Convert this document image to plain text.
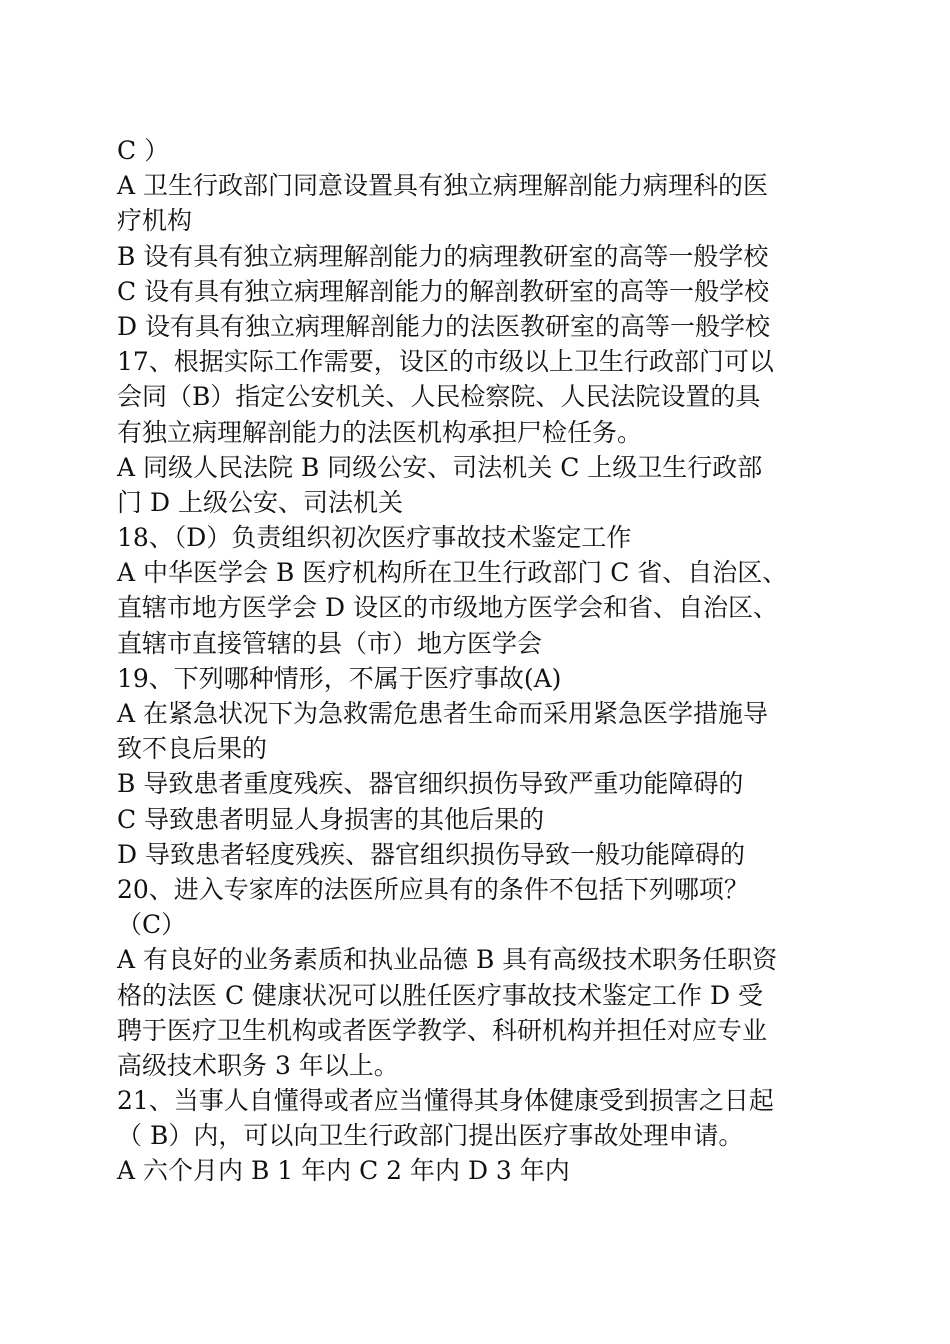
C ）
A 卫生行政部门同意设置具有独立病理解剖能力病理科的医
疗机构
B 设有具有独立病理解剖能力的病理教研室的高等一般学校
C 设有具有独立病理解剖能力的解剖教研室的高等一般学校
D 设有具有独立病理解剖能力的法医教研室的高等一般学校
17、根据实际工作需要，设区的市级以上卫生行政部门可以
会同（B）指定公安机关、人民检察院、人民法院设置的具
有独立病理解剖能力的法医机构承担尸检任务。
A 同级人民法院 B 同级公安、司法机关 C 上级卫生行政部
门 D 上级公安、司法机关
18、（D）负责组织初次医疗事故技术鉴定工作
A 中华医学会 B 医疗机构所在卫生行政部门 C 省、自治区、
直辖市地方医学会 D 设区的市级地方医学会和省、自治区、
直辖市直接管辖的县（市）地方医学会
19、下列哪种情形，不属于医疗事故(A)
A 在紧急状况下为急救需危患者生命而采用紧急医学措施导
致不良后果的
B 导致患者重度残疾、器官细织损伤导致严重功能障碍的
C 导致患者明显人身损害的其他后果的
D 导致患者轻度残疾、器官组织损伤导致一般功能障碍的
20、进入专家库的法医所应具有的条件不包括下列哪项？
（C）
A 有良好的业务素质和执业品德 B 具有高级技术职务任职资
格的法医 C 健康状况可以胜任医疗事故技术鉴定工作 D 受
聘于医疗卫生机构或者医学教学、科研机构并担任对应专业
高级技术职务 3 年以上。
21、当事人自懂得或者应当懂得其身体健康受到损害之日起
（ B）内，可以向卫生行政部门提出医疗事故处理申请。
A 六个月内 B 1 年内 C 2 年内 D 3 年内
